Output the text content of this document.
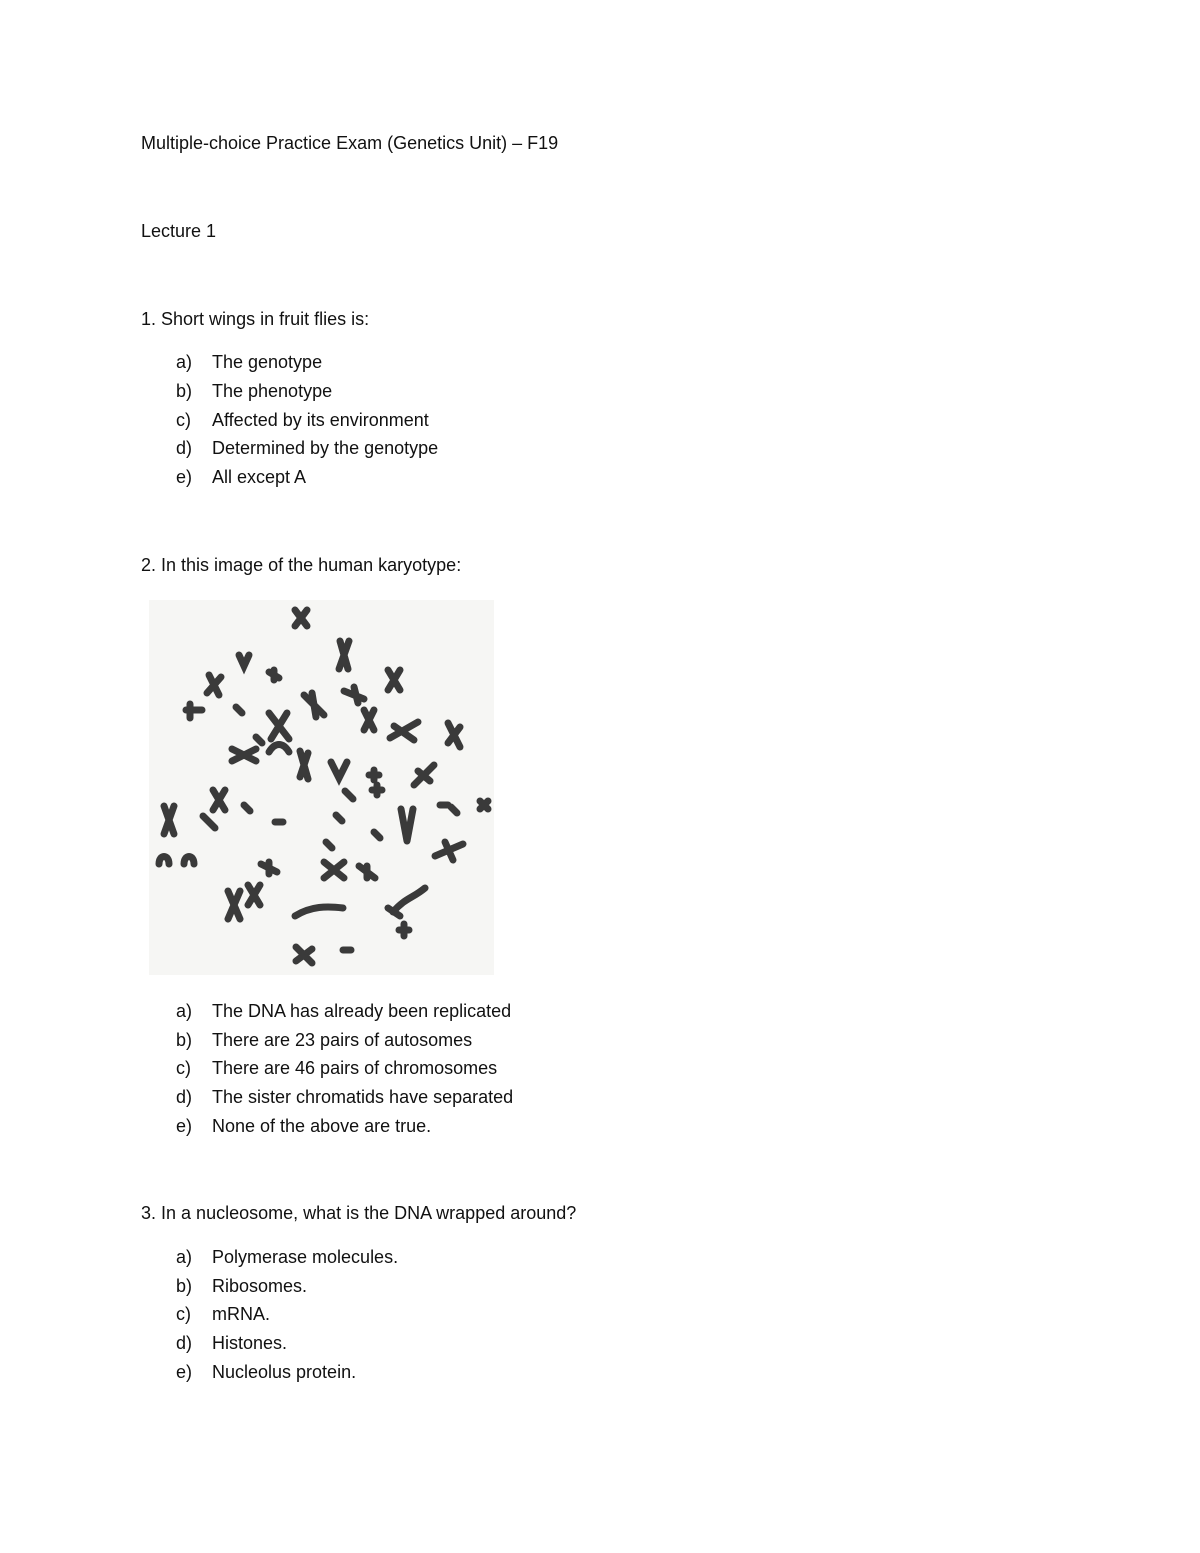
Multiple-choice Practice Exam (Genetics Unit) – F19
Lecture 1
1. Short wings in fruit flies is:
a) The genotype
b) The phenotype
c) Affected by its environment
d) Determined by the genotype
e) All except A
2. In this image of the human karyotype:
a) The DNA has already been replicated
b) There are 23 pairs of autosomes
c) There are 46 pairs of chromosomes
d) The sister chromatids have separated
e) None of the above are true.
3. In a nucleosome, what is the DNA wrapped around?
a) Polymerase molecules.
b) Ribosomes.
c) mRNA.
d) Histones.
e) Nucleolus protein.
